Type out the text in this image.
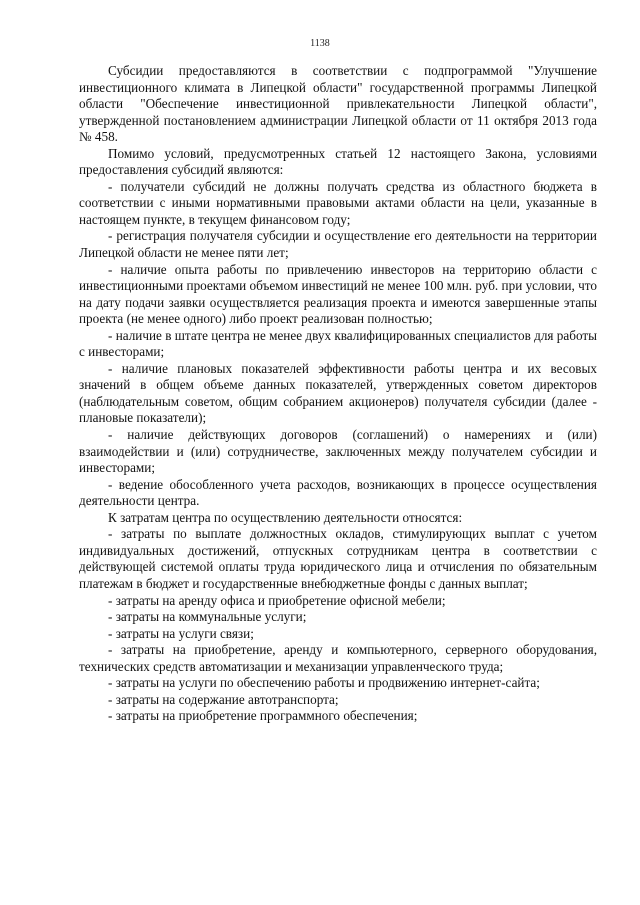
1138

Субсидии предоставляются в соответствии с подпрограммой "Улучшение инвестиционного климата в Липецкой области" государственной программы Липецкой области "Обеспечение инвестиционной привлекательности Липецкой области", утвержденной постановлением администрации Липецкой области от 11 октября 2013 года № 458.

Помимо условий, предусмотренных статьей 12 настоящего Закона, условиями предоставления субсидий являются:

- получатели субсидий не должны получать средства из областного бюджета в соответствии с иными нормативными правовыми актами области на цели, указанные в настоящем пункте, в текущем финансовом году;

- регистрация получателя субсидии и осуществление его деятельности на территории Липецкой области не менее пяти лет;

- наличие опыта работы по привлечению инвесторов на территорию области с инвестиционными проектами объемом инвестиций не менее 100 млн. руб. при условии, что на дату подачи заявки осуществляется реализация проекта и имеются завершенные этапы проекта (не менее одного) либо проект реализован полностью;

- наличие в штате центра не менее двух квалифицированных специалистов для работы с инвесторами;

- наличие плановых показателей эффективности работы центра и их весовых значений в общем объеме данных показателей, утвержденных советом директоров (наблюдательным советом, общим собранием акционеров) получателя субсидии (далее - плановые показатели);

- наличие действующих договоров (соглашений) о намерениях и (или) взаимодействии и (или) сотрудничестве, заключенных между получателем субсидии и инвесторами;

- ведение обособленного учета расходов, возникающих в процессе осуществления деятельности центра.

К затратам центра по осуществлению деятельности относятся:

- затраты по выплате должностных окладов, стимулирующих выплат с учетом индивидуальных достижений, отпускных сотрудникам центра в соответствии с действующей системой оплаты труда юридического лица и отчисления по обязательным платежам в бюджет и государственные внебюджетные фонды с данных выплат;

- затраты на аренду офиса и приобретение офисной мебели;

- затраты на коммунальные услуги;

- затраты на услуги связи;

- затраты на приобретение, аренду и компьютерного, серверного оборудования, технических средств автоматизации и механизации управленческого труда;

- затраты на услуги по обеспечению работы и продвижению интернет-сайта;

- затраты на содержание автотранспорта;

- затраты на приобретение программного обеспечения;
